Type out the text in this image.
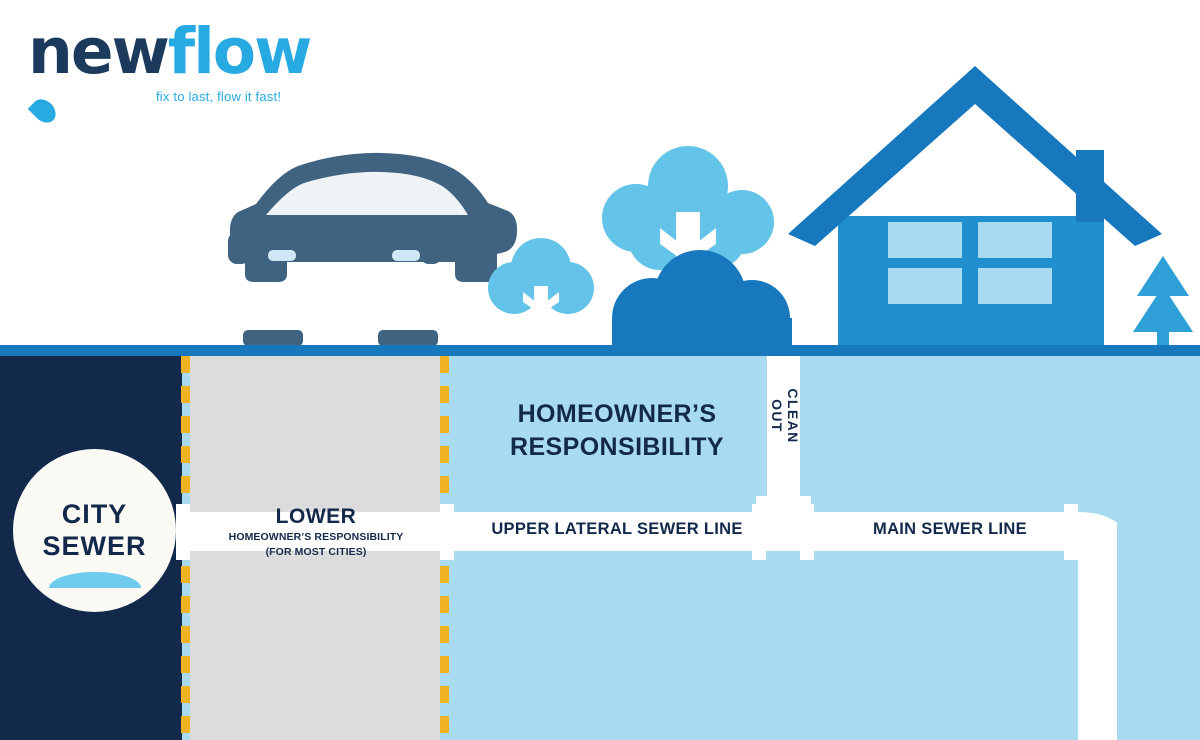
newflow
fix to last, flow it fast!
CITY
SEWER
HOMEOWNER’S
RESPONSIBILITY
LOWER
HOMEOWNER’S RESPONSIBILITY
(FOR MOST CITIES)
UPPER LATERAL SEWER LINE	MAIN SEWER LINE
CLEAN OUT
